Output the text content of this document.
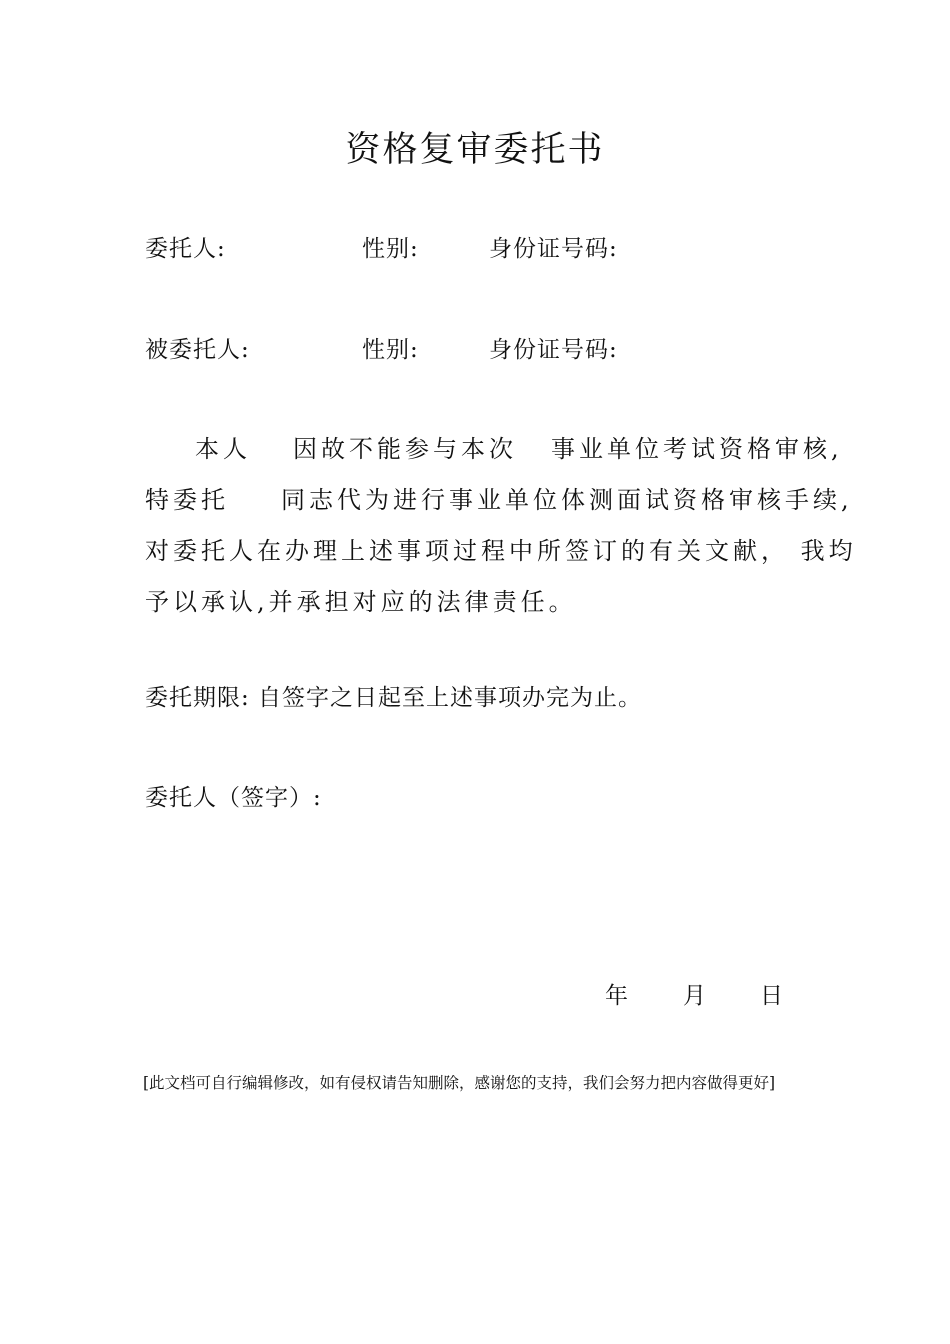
资格复审委托书
委托人:	性别:	身份证号码:
被委托人:	性别:	身份证号码:
本人 因故不能参与本次 事业单位考试资格审核,
特委托 同志代为进行事业单位体测面试资格审核手续,
对委托人在办理上述事项过程中所签订的有关文献， 我均
予以承认,并承担对应的法律责任。
委托期限: 自签字之日起至上述事项办完为止。
委托人（签字）:
年 月 日
[此文档可自行编辑修改，如有侵权请告知删除，感谢您的支持，我们会努力把内容做得更好]
